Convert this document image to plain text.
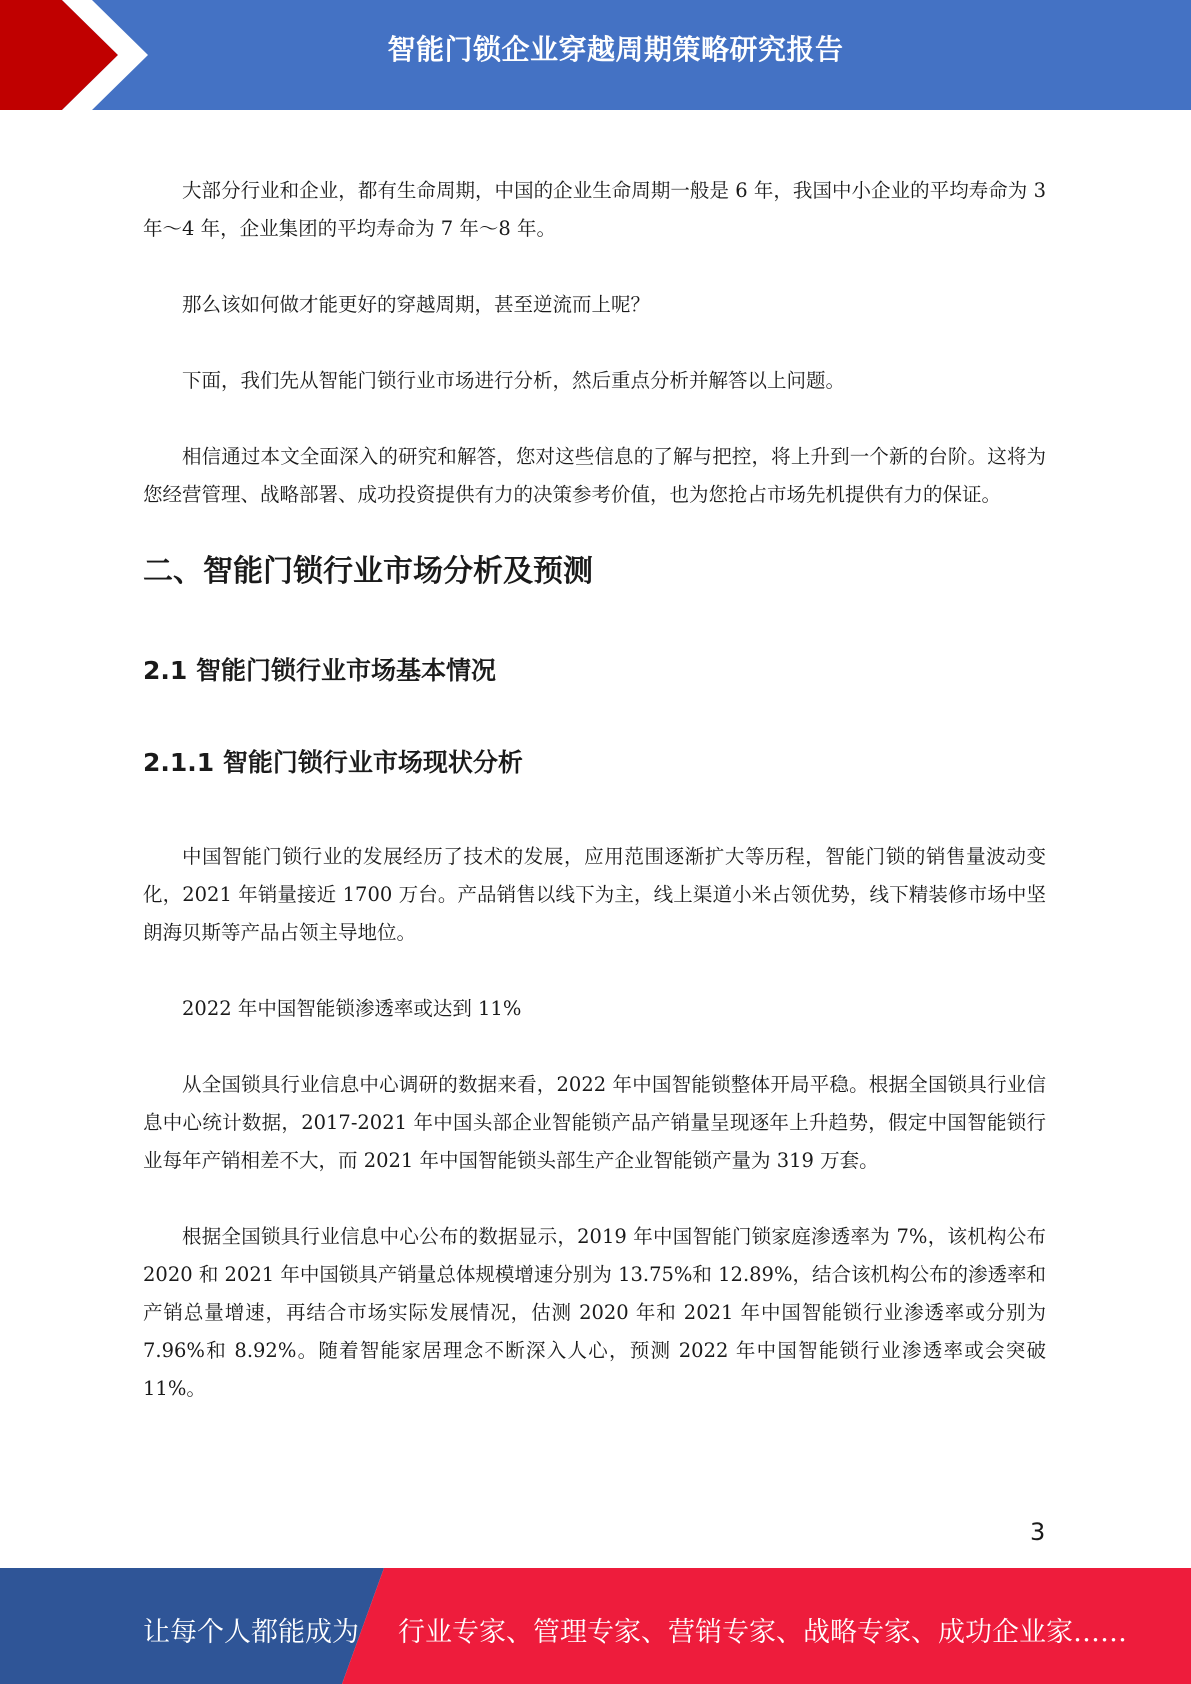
智能门锁企业穿越周期策略研究报告

大部分行业和企业，都有生命周期，中国的企业生命周期一般是 6 年，我国中小企业的平均寿命为 3 年～4 年，企业集团的平均寿命为 7 年～8 年。

那么该如何做才能更好的穿越周期，甚至逆流而上呢？

下面，我们先从智能门锁行业市场进行分析，然后重点分析并解答以上问题。

相信通过本文全面深入的研究和解答，您对这些信息的了解与把控，将上升到一个新的台阶。这将为您经营管理、战略部署、成功投资提供有力的决策参考价值，也为您抢占市场先机提供有力的保证。

二、智能门锁行业市场分析及预测
2.1 智能门锁行业市场基本情况
2.1.1 智能门锁行业市场现状分析

中国智能门锁行业的发展经历了技术的发展，应用范围逐渐扩大等历程，智能门锁的销售量波动变化，2021 年销量接近 1700 万台。产品销售以线下为主，线上渠道小米占领优势，线下精装修市场中坚朗海贝斯等产品占领主导地位。

2022 年中国智能锁渗透率或达到 11%

从全国锁具行业信息中心调研的数据来看，2022 年中国智能锁整体开局平稳。根据全国锁具行业信息中心统计数据，2017-2021 年中国头部企业智能锁产品产销量呈现逐年上升趋势，假定中国智能锁行业每年产销相差不大，而 2021 年中国智能锁头部生产企业智能锁产量为 319 万套。

根据全国锁具行业信息中心公布的数据显示，2019 年中国智能门锁家庭渗透率为 7%，该机构公布 2020 和 2021 年中国锁具产销量总体规模增速分别为 13.75%和 12.89%，结合该机构公布的渗透率和产销总量增速，再结合市场实际发展情况，估测 2020 年和 2021 年中国智能锁行业渗透率或分别为 7.96%和 8.92%。随着智能家居理念不断深入人心，预测 2022 年中国智能锁行业渗透率或会突破 11%。

3
让每个人都能成为 行业专家、管理专家、营销专家、战略专家、成功企业家……
